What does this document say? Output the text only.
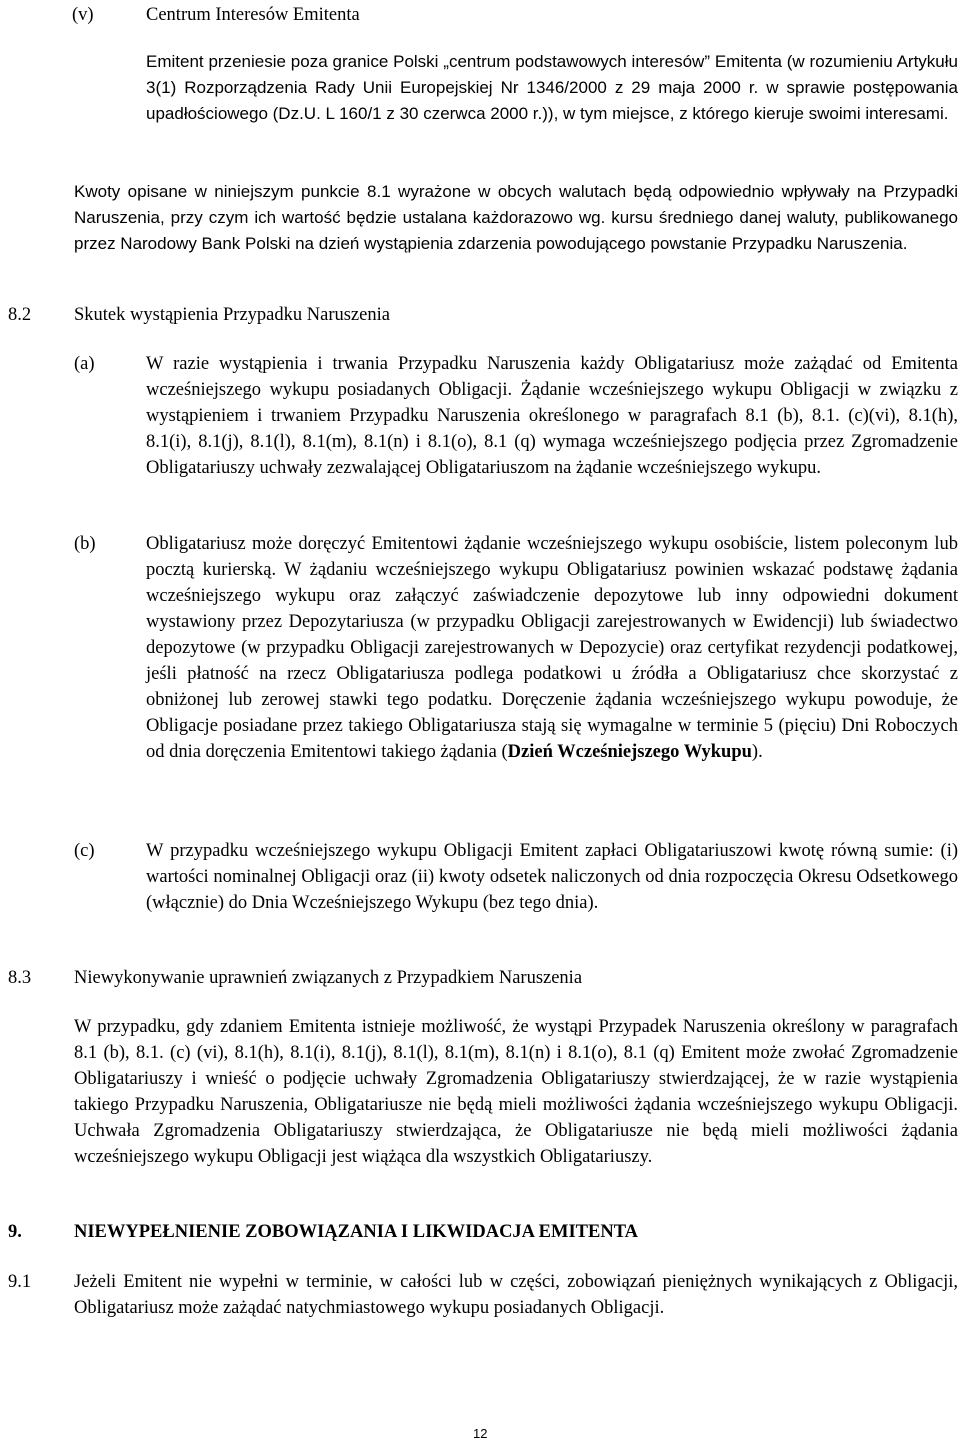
(v)	Centrum Interesów Emitenta
Emitent przeniesie poza granice Polski „centrum podstawowych interesów” Emitenta (w rozumieniu Artykułu 3(1) Rozporządzenia Rady Unii Europejskiej Nr 1346/2000 z 29 maja 2000 r. w sprawie postępowania upadłościowego (Dz.U. L 160/1 z 30 czerwca 2000 r.)), w tym miejsce, z którego kieruje swoimi interesami.
Kwoty opisane w niniejszym punkcie 8.1 wyrażone w obcych walutach będą odpowiednio wpływały na Przypadki Naruszenia, przy czym ich wartość będzie ustalana każdorazowo wg. kursu średniego danej waluty, publikowanego przez Narodowy Bank Polski na dzień wystąpienia zdarzenia powodującego powstanie Przypadku Naruszenia.
8.2 Skutek wystąpienia Przypadku Naruszenia
(a)	W razie wystąpienia i trwania Przypadku Naruszenia każdy Obligatariusz może zażądać od Emitenta wcześniejszego wykupu posiadanych Obligacji. Żądanie wcześniejszego wykupu Obligacji w związku z wystąpieniem i trwaniem Przypadku Naruszenia określonego w paragrafach 8.1 (b), 8.1. (c)(vi), 8.1(h), 8.1(i), 8.1(j), 8.1(l), 8.1(m), 8.1(n) i 8.1(o), 8.1 (q) wymaga wcześniejszego podjęcia przez Zgromadzenie Obligatariuszy uchwały zezwalającej Obligatariuszom na żądanie wcześniejszego wykupu.
(b)	Obligatariusz może doręczyć Emitentowi żądanie wcześniejszego wykupu osobiście, listem poleconym lub pocztą kurierską. W żądaniu wcześniejszego wykupu Obligatariusz powinien wskazać podstawę żądania wcześniejszego wykupu oraz załączyć zaświadczenie depozytowe lub inny odpowiedni dokument wystawiony przez Depozytariusza (w przypadku Obligacji zarejestrowanych w Ewidencji) lub świadectwo depozytowe (w przypadku Obligacji zarejestrowanych w Depozycie) oraz certyfikat rezydencji podatkowej, jeśli płatność na rzecz Obligatariusza podlega podatkowi u źródła a Obligatariusz chce skorzystać z obniżonej lub zerowej stawki tego podatku. Doręczenie żądania wcześniejszego wykupu powoduje, że Obligacje posiadane przez takiego Obligatariusza stają się wymagalne w terminie 5 (pięciu) Dni Roboczych od dnia doręczenia Emitentowi takiego żądania (Dzień Wcześniejszego Wykupu).
(c)	W przypadku wcześniejszego wykupu Obligacji Emitent zapłaci Obligatariuszowi kwotę równą sumie: (i) wartości nominalnej Obligacji oraz (ii) kwoty odsetek naliczonych od dnia rozpoczęcia Okresu Odsetkowego (włącznie) do Dnia Wcześniejszego Wykupu (bez tego dnia).
8.3 Niewykonywanie uprawnień związanych z Przypadkiem Naruszenia
W przypadku, gdy zdaniem Emitenta istnieje możliwość, że wystąpi Przypadek Naruszenia określony w paragrafach 8.1 (b), 8.1. (c) (vi), 8.1(h), 8.1(i), 8.1(j), 8.1(l), 8.1(m), 8.1(n) i 8.1(o), 8.1 (q) Emitent może zwołać Zgromadzenie Obligatariuszy i wnieść o podjęcie uchwały Zgromadzenia Obligatariuszy stwierdzającej, że w razie wystąpienia takiego Przypadku Naruszenia, Obligatariusze nie będą mieli możliwości żądania wcześniejszego wykupu Obligacji. Uchwała Zgromadzenia Obligatariuszy stwierdzająca, że Obligatariusze nie będą mieli możliwości żądania wcześniejszego wykupu Obligacji jest wiążąca dla wszystkich Obligatariuszy.
9.	NIEWYPEŁNIENIE ZOBOWIĄZANIA I LIKWIDACJA EMITENTA
9.1 Jeżeli Emitent nie wypełni w terminie, w całości lub w części, zobowiązań pieniężnych wynikających z Obligacji, Obligatariusz może zażądać natychmiastowego wykupu posiadanych Obligacji.
12
